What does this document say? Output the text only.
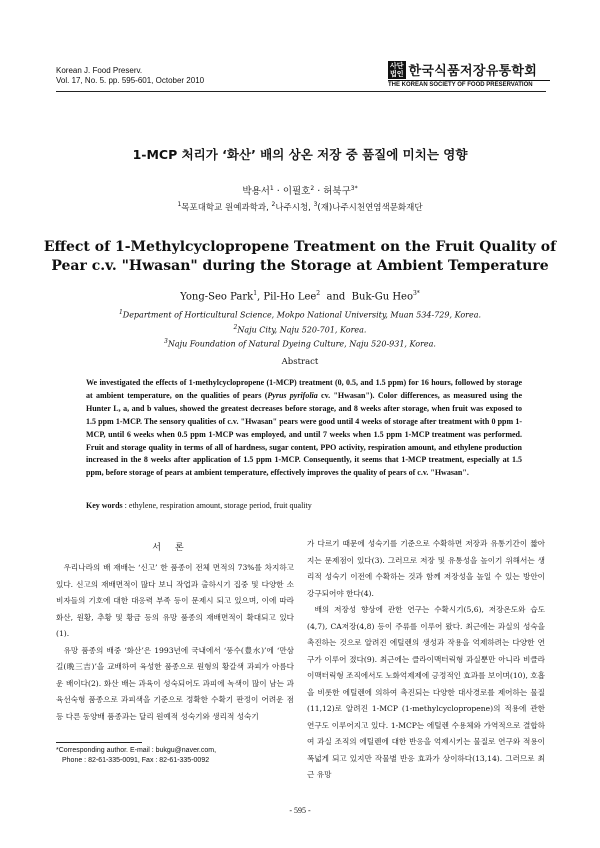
Korean J. Food Preserv.
Vol. 17, No. 5. pp. 595-601, October 2010
사단
법인 한국식품저장유통학회
THE KOREAN SOCIETY OF FOOD PRESERVATION
1-MCP 처리가 ‘화산’ 배의 상온 저장 중 품질에 미치는 영향
박용서$^1$ · 이필호$^2$ · 허북구$^{3*}$
$^1$목포대학교 원예과학과, $^2$나주시청, $^3$(재)나주시천연염색문화재단
Effect of 1-Methylcyclopropene Treatment on the Fruit Quality of
Pear c.v. "Hwasan" during the Storage at Ambient Temperature
Yong-Seo Park$^1$, Pil-Ho Lee$^2$  and  Buk-Gu Heo$^{3*}$
$^1$Department of Horticultural Science, Mokpo National University, Muan 534-729, Korea.
$^2$Naju City, Naju 520-701, Korea.
$^3$Naju Foundation of Natural Dyeing Culture, Naju 520-931, Korea.
Abstract
We investigated the effects of 1-methylcyclopropene (1-MCP) treatment (0, 0.5, and 1.5 ppm) for 16 hours, followed by storage at ambient temperature, on the qualities of pears (Pyrus pyrifolia cv. "Hwasan"). Color differences, as measured using the Hunter L, a, and b values, showed the greatest decreases before storage, and 8 weeks after storage, when fruit was exposed to 1.5 ppm 1-MCP. The sensory qualities of c.v. "Hwasan" pears were good until 4 weeks of storage after treatment with 0 ppm 1-MCP, until 6 weeks when 0.5 ppm 1-MCP was employed, and until 7 weeks when 1.5 ppm 1-MCP treatment was performed. Fruit and storage quality in terms of all of hardness, sugar content, PPO activity, respiration amount, and ethylene production increased in the 8 weeks after application of 1.5 ppm 1-MCP. Consequently, it seems that 1-MCP treatment, especially at 1.5 ppm, before storage of pears at ambient temperature, effectively improves the quality of pears of c.v. "Hwasan".
Key words : ethylene, respiration amount, storage period, fruit quality
서론

우리나라의 배 재배는 ‘신고’ 한 품종이 전체 면적의 73%를 차지하고 있다. 신고의 재배면적이 많다 보니 작업과 출하시기 집중 및 다양한 소비자들의 기호에 대한 대응력 부족 등이 문제시 되고 있으며, 이에 따라 화산, 원황, 추황 및 황금 등의 유망 품종의 재배면적이 확대되고 있다(1).

유망 품종의 배중 ‘화산’은 1993년에 국내에서 ‘풍수(豊水)’에 ‘만삼길(晩三吉)’을 교배하여 육성한 품종으로 원형의 황갈색 과피가 아름다운 배이다(2). 화산 배는 과육이 성숙되어도 과피에 녹색이 많이 남는 과육선숙형 품종으로 과피색을 기준으로 정확한 수확기 판정이 어려운 점 등 다른 동양배 품종과는 달리 원예적 성숙기와 생리적 성숙기

가 다르기 때문에 성숙기를 기준으로 수확하면 저장과 유통기간이 짧아지는 문제점이 있다(3). 그러므로 저장 및 유통성을 높이기 위해서는 생리적 성숙기 이전에 수확하는 것과 함께 저장성을 높일 수 있는 방안이 강구되어야 한다(4).

배의 저장성 향상에 관한 연구는 수확시기(5,6), 저장온도와 습도(4,7), CA저장(4,8) 등이 주류를 이루어 왔다. 최근에는 과실의 성숙을 촉진하는 것으로 알려진 에틸렌의 생성과 작용을 억제하려는 다양한 연구가 이루어 졌다(9). 최근에는 클라이맥터릭형 과실뿐만 아니라 비클라이맥터릭형 조직에서도 노화억제제에 긍정적인 효과를 보이며(10), 호흡을 비롯한 에틸렌에 의하여 촉진되는 다양한 대사경로를 제어하는 물질(11,12)로 알려진 1-MCP (1-methylcyclopropene)의 적용에 관한 연구도 이루어지고 있다. 1-MCP는 에틸렌 수용체와 가역적으로 결합하여 과실 조직의 에틸렌에 대한 반응을 억제시키는 물질로 연구와 적용이 폭넓게 되고 있지만 작물별 반응 효과가 상이하다(13,14). 그러므로 최근 유망

*Corresponding author. E-mail : bukgu@naver.com,
Phone : 82-61-335-0091, Fax : 82-61-335-0092
- 595 -
